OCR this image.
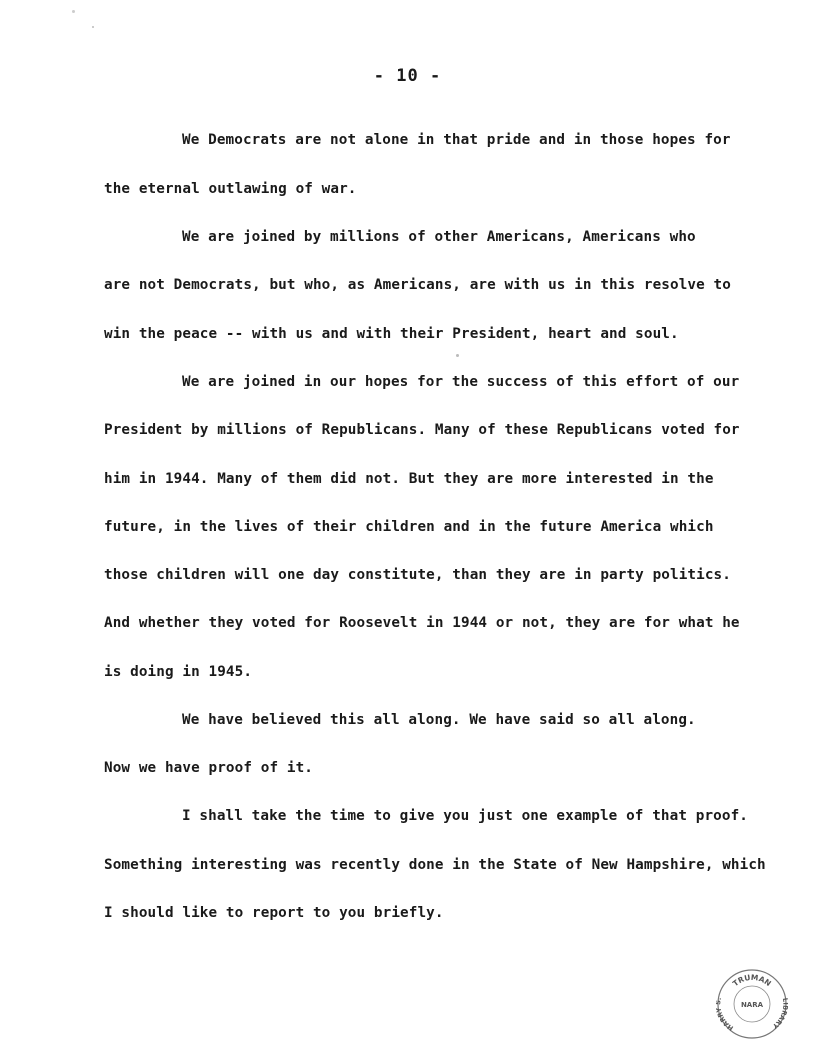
- 10 -
We Democrats are not alone in that pride and in those hopes for
the eternal outlawing of war.
We are joined by millions of other Americans, Americans who
are not Democrats, but who, as Americans, are with us in this resolve to
win the peace -- with us and with their President, heart and soul.
We are joined in our hopes for the success of this effort of our
President by millions of Republicans. Many of these Republicans voted for
him in 1944. Many of them did not. But they are more interested in the
future, in the lives of their children and in the future America which
those children will one day constitute, than they are in party politics.
And whether they voted for Roosevelt in 1944 or not, they are for what he
is doing in 1945.
We have believed this all along. We have said so all along.
Now we have proof of it.
I shall take the time to give you just one example of that proof.
Something interesting was recently done in the State of New Hampshire, which
I should like to report to you briefly.
TRUMAN
HARR	RARY
NARA
